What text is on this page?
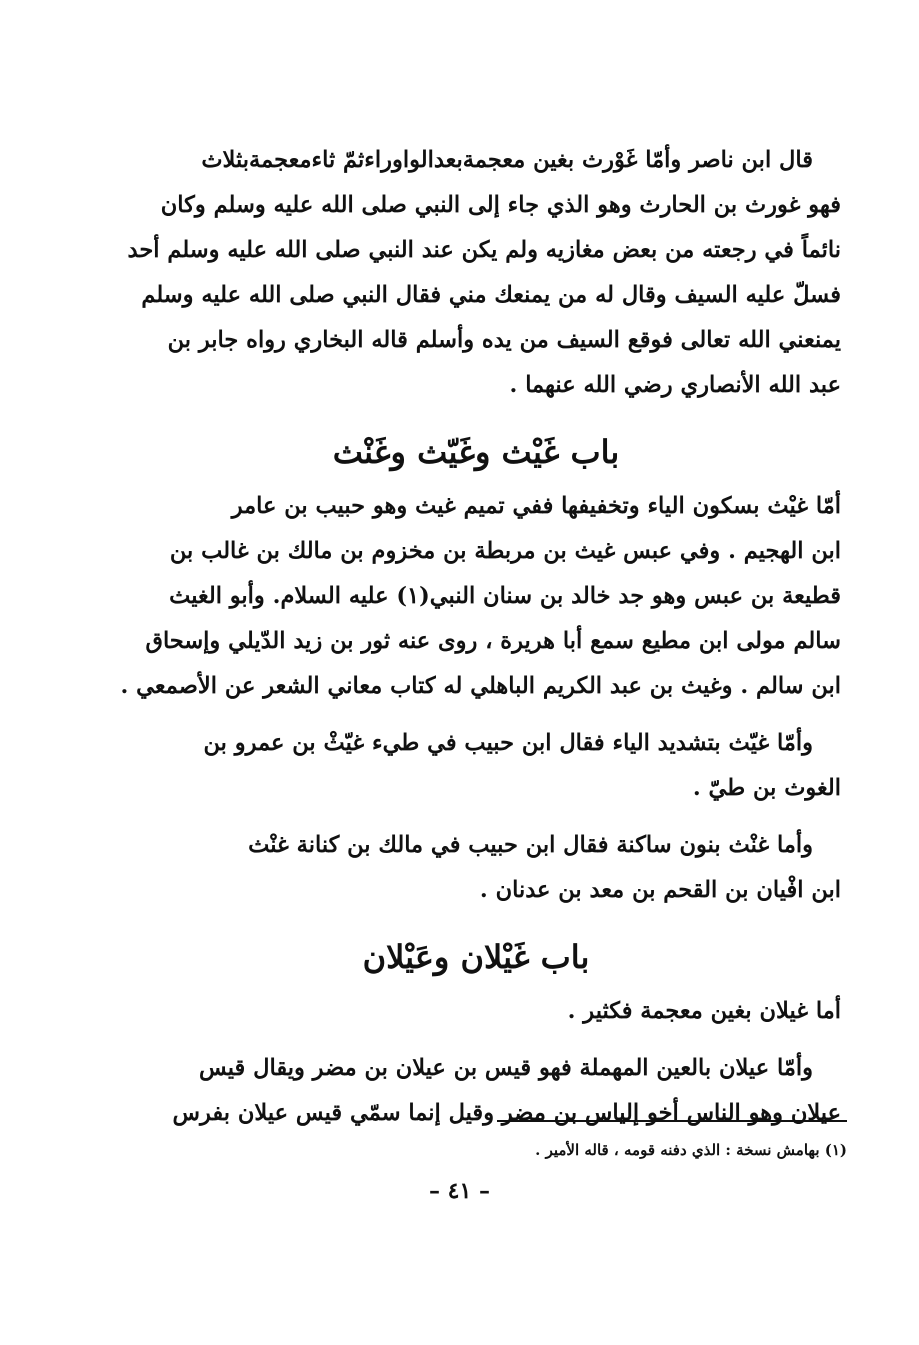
قال ابن ناصر وأمّا غَوْرث بغين معجمةبعدالواوراءثمّ ثاءمعجمةبثلاث
فهو غورث بن الحارث وهو الذي جاء إلى النبي صلى الله عليه وسلم وكان
نائماً في رجعته من بعض مغازيه ولم يكن عند النبي صلى الله عليه وسلم أحد
فسلّ عليه السيف وقال له من يمنعك مني فقال النبي صلى الله عليه وسلم
يمنعني الله تعالى فوقع السيف من يده وأسلم قاله البخاري رواه جابر بن
عبد الله الأنصاري رضي الله عنهما .

باب غَيْث وغَيّث وغَنْث

أمّا غيْث بسكون الياء وتخفيفها ففي تميم غيث وهو حبيب بن عامر
ابن الهجيم . وفي عبس غيث بن مربطة بن مخزوم بن مالك بن غالب بن
قطيعة بن عبس وهو جد خالد بن سنان النبي(١) عليه السلام. وأبو الغيث
سالم مولى ابن مطيع سمع أبا هريرة ، روى عنه ثور بن زيد الدّيلي وإسحاق
ابن سالم . وغيث بن عبد الكريم الباهلي له كتاب معاني الشعر عن الأصمعي .

وأمّا غيّث بتشديد الياء فقال ابن حبيب في طيء غيّثْ بن عمرو بن
الغوث بن طيّ .

وأما غنْث بنون ساكنة فقال ابن حبيب في مالك بن كنانة غنْث
ابن افْيان بن القحم بن معد بن عدنان .

باب غَيْلان وعَيْلان

أما غيلان بغين معجمة فكثير .

وأمّا عيلان بالعين المهملة فهو قيس بن عيلان بن مضر ويقال قيس
عيلان وهو الناس أخو إلياس بن مضر وقيل إنما سمّي قيس عيلان بفرس

(١) بهامش نسخة : الذي دفنه قومه ، قاله الأمير .
– ٤١ –
